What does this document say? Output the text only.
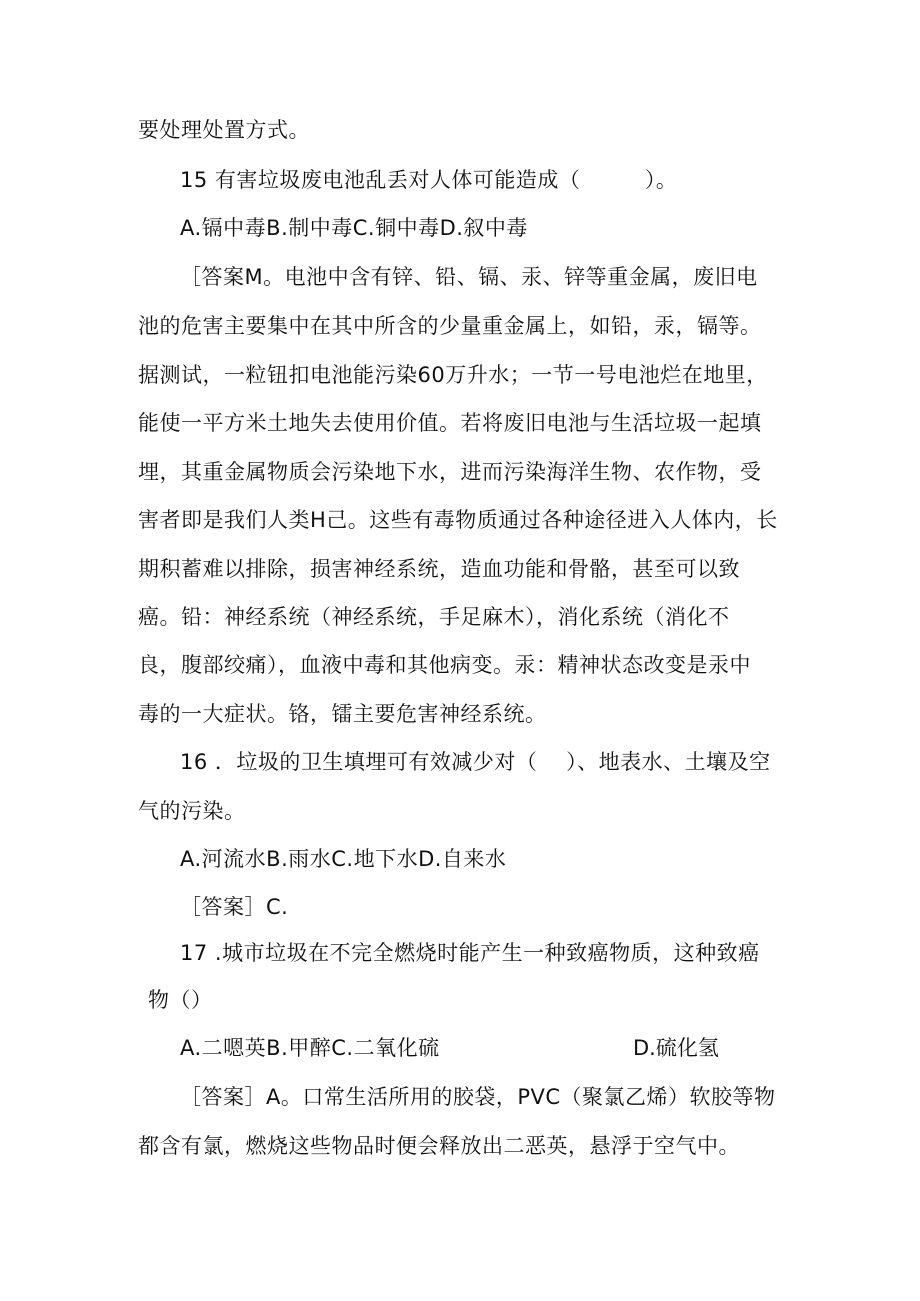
要处理处置方式。
15 有害垃圾废电池乱丢对人体可能造成（　　　）。
A.镉中毒B.制中毒C.铜中毒D.叙中毒
［答案M。电池中含有锌、铅、镉、汞、锌等重金属，废旧电
池的危害主要集中在其中所含的少量重金属上，如铅，汞，镉等。
据测试，一粒钮扣电池能污染60万升水；一节一号电池烂在地里，
能使一平方米土地失去使用价值。若将废旧电池与生活垃圾一起填
埋，其重金属物质会污染地下水，进而污染海洋生物、农作物，受
害者即是我们人类H己。这些有毒物质通过各种途径进入人体内，长
期积蓄难以排除，损害神经系统，造血功能和骨骼，甚至可以致
癌。铅：神经系统（神经系统，手足麻木），消化系统（消化不
良，腹部绞痛），血液中毒和其他病变。汞：精神状态改变是汞中
毒的一大症状。铬，镭主要危害神经系统。
16 ．垃圾的卫生填埋可有效减少对（　 ）、地表水、土壤及空
气的污染。
A.河流水B.雨水C.地下水D.自来水
［答案］C.
17 .城市垃圾在不完全燃烧时能产生一种致癌物质，这种致癌
物（）
A.二嗯英B.甲醉C.二氧化硫	D.硫化氢
［答案］A。口常生活所用的胶袋，PVC（聚氯乙烯）软胶等物
都含有氯，燃烧这些物品时便会释放出二恶英，悬浮于空气中。
